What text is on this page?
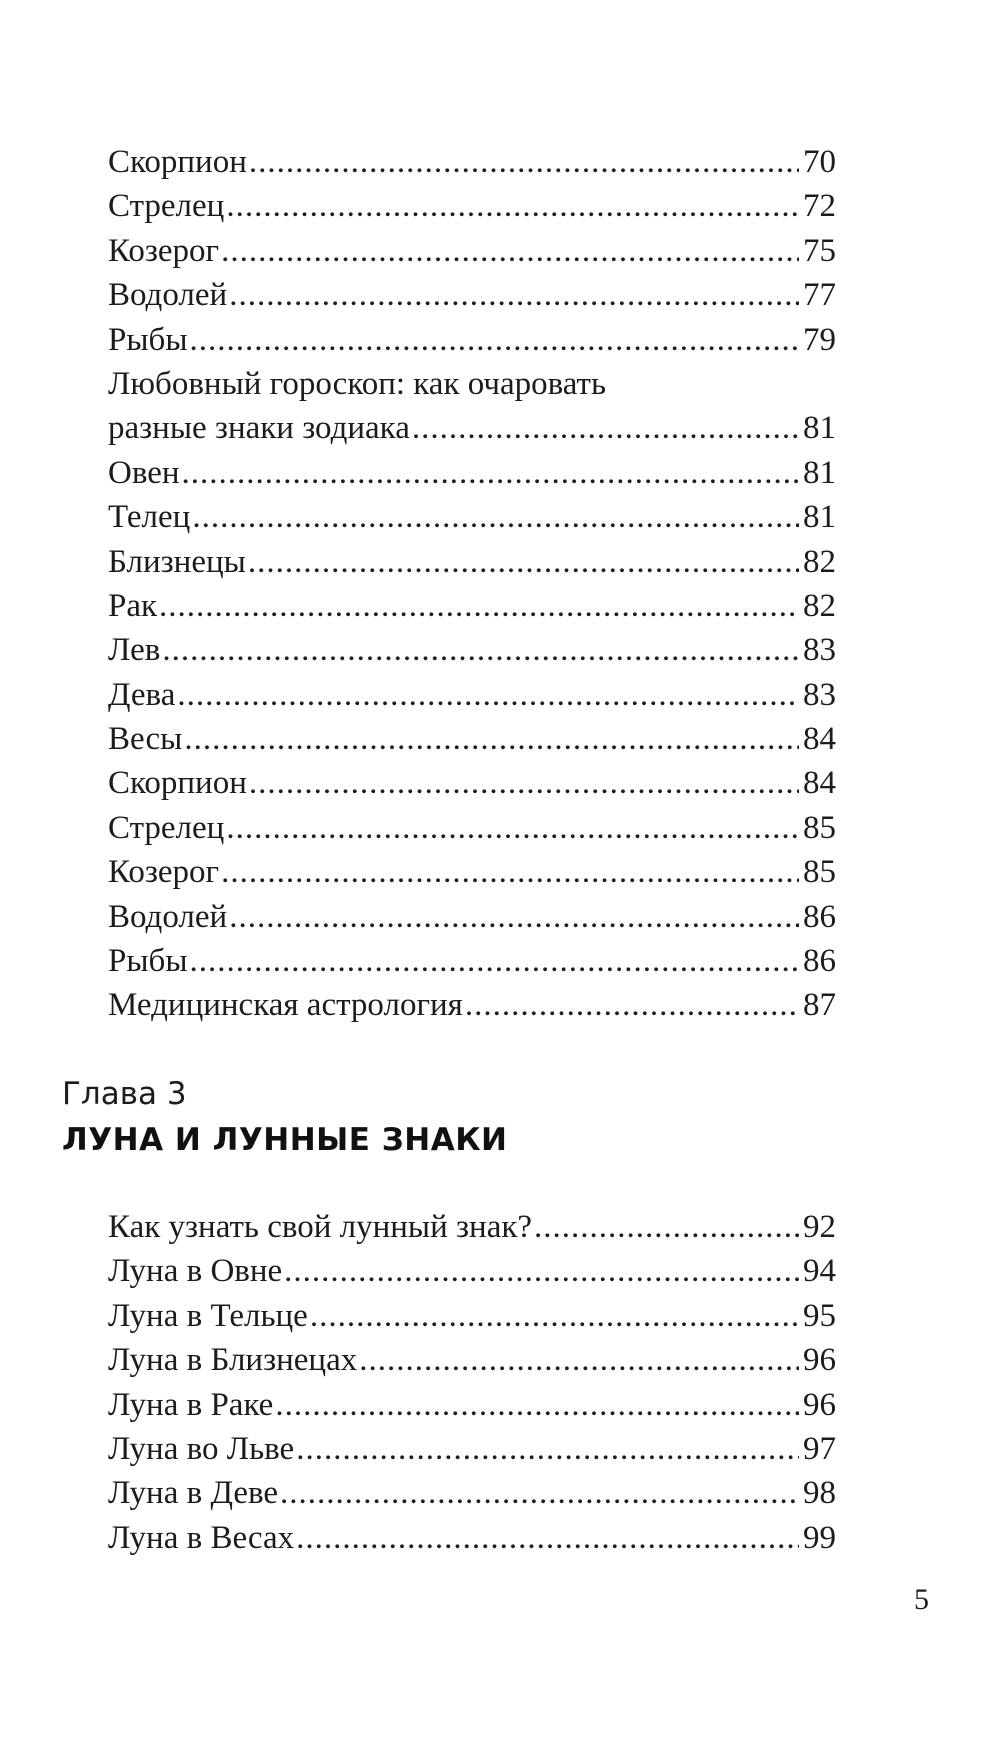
Скорпион .....	70
Стрелец .....	72
Козерог .....	75
Водолей .....	77
Рыбы .....	79
Любовный гороскоп: как очаровать
разные знаки зодиака .....	81
Овен .....	81
Телец .....	81
Близнецы .....	82
Рак .....	82
Лев .....	83
Дева .....	83
Весы .....	84
Скорпион .....	84
Стрелец .....	85
Козерог .....	85
Водолей .....	86
Рыбы .....	86
Медицинская астрология .....	87
Глава 3
ЛУНА И ЛУННЫЕ ЗНАКИ
Как узнать свой лунный знак? .....	92
Луна в Овне .....	94
Луна в Тельце .....	95
Луна в Близнецах .....	96
Луна в Раке .....	96
Луна во Льве .....	97
Луна в Деве .....	98
Луна в Весах .....	99
5
